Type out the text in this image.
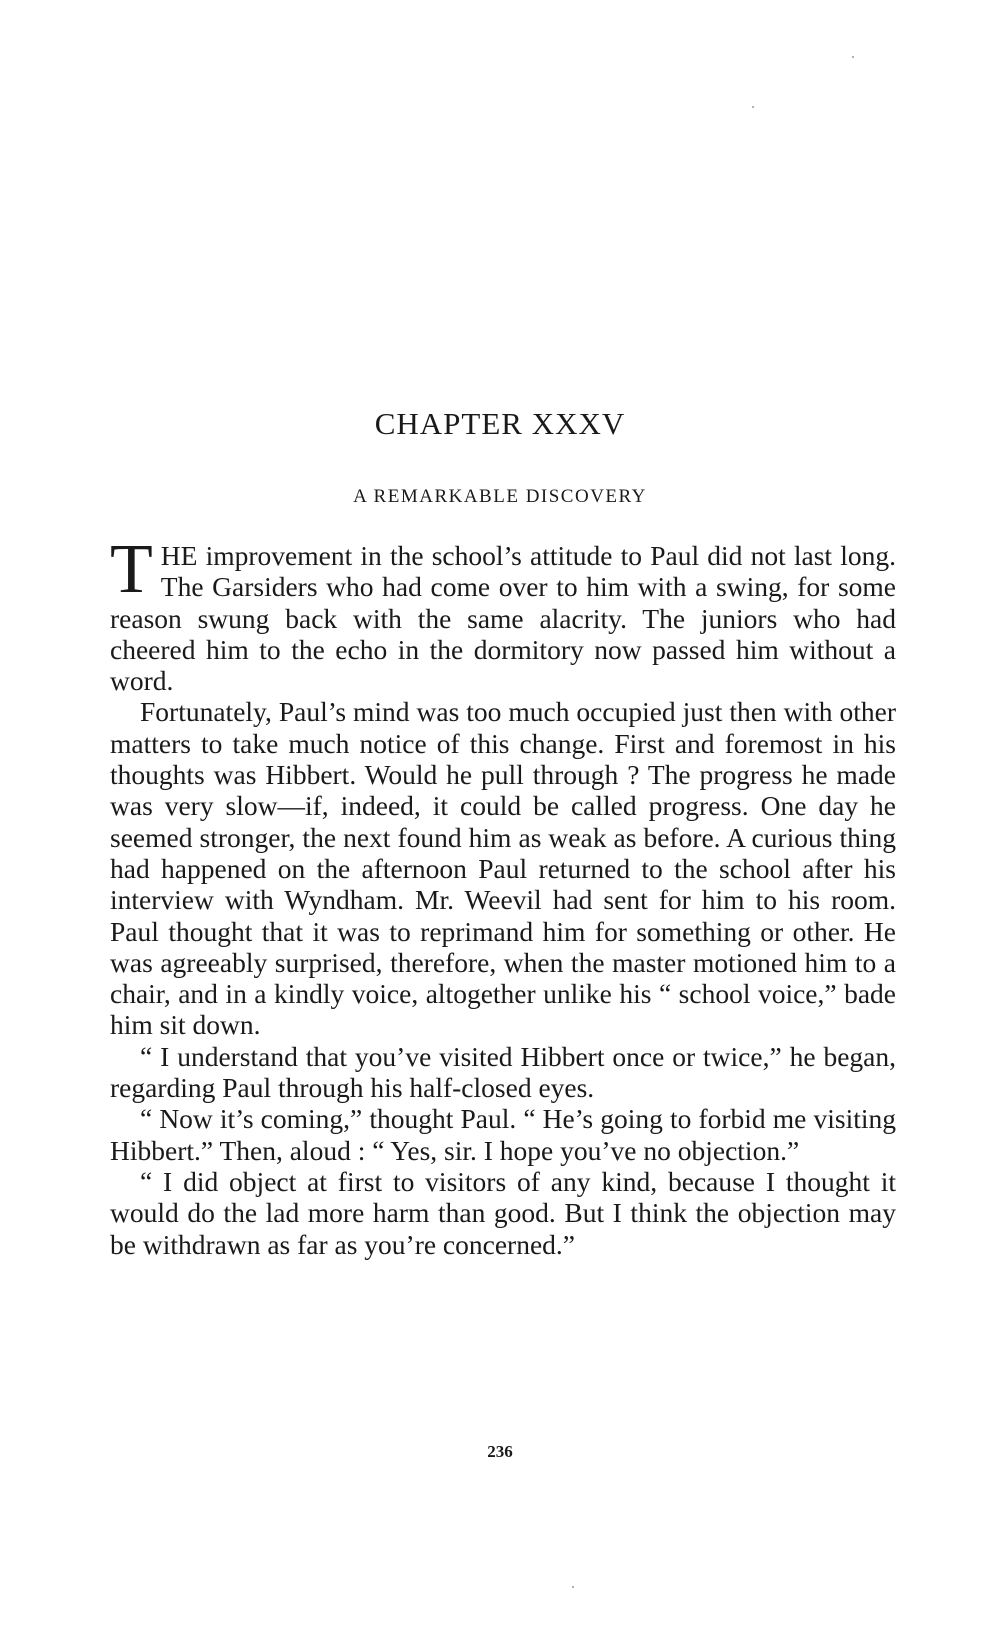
CHAPTER XXXV
A REMARKABLE DISCOVERY

THE improvement in the school’s attitude to Paul did not last long. The Garsiders who had come over to him with a swing, for some reason swung back with the same alacrity. The juniors who had cheered him to the echo in the dormitory now passed him without a word.

Fortunately, Paul’s mind was too much occupied just then with other matters to take much notice of this change. First and foremost in his thoughts was Hibbert. Would he pull through ? The progress he made was very slow—if, indeed, it could be called progress. One day he seemed stronger, the next found him as weak as before. A curious thing had happened on the afternoon Paul returned to the school after his interview with Wyndham. Mr. Weevil had sent for him to his room. Paul thought that it was to reprimand him for something or other. He was agreeably surprised, therefore, when the master motioned him to a chair, and in a kindly voice, altogether unlike his “ school voice,” bade him sit down.

“ I understand that you’ve visited Hibbert once or twice,” he began, regarding Paul through his half-closed eyes.

“ Now it’s coming,” thought Paul. “ He’s going to forbid me visiting Hibbert.” Then, aloud : “ Yes, sir. I hope you’ve no objection.”

“ I did object at first to visitors of any kind, because I thought it would do the lad more harm than good. But I think the objection may be withdrawn as far as you’re concerned.”

236
